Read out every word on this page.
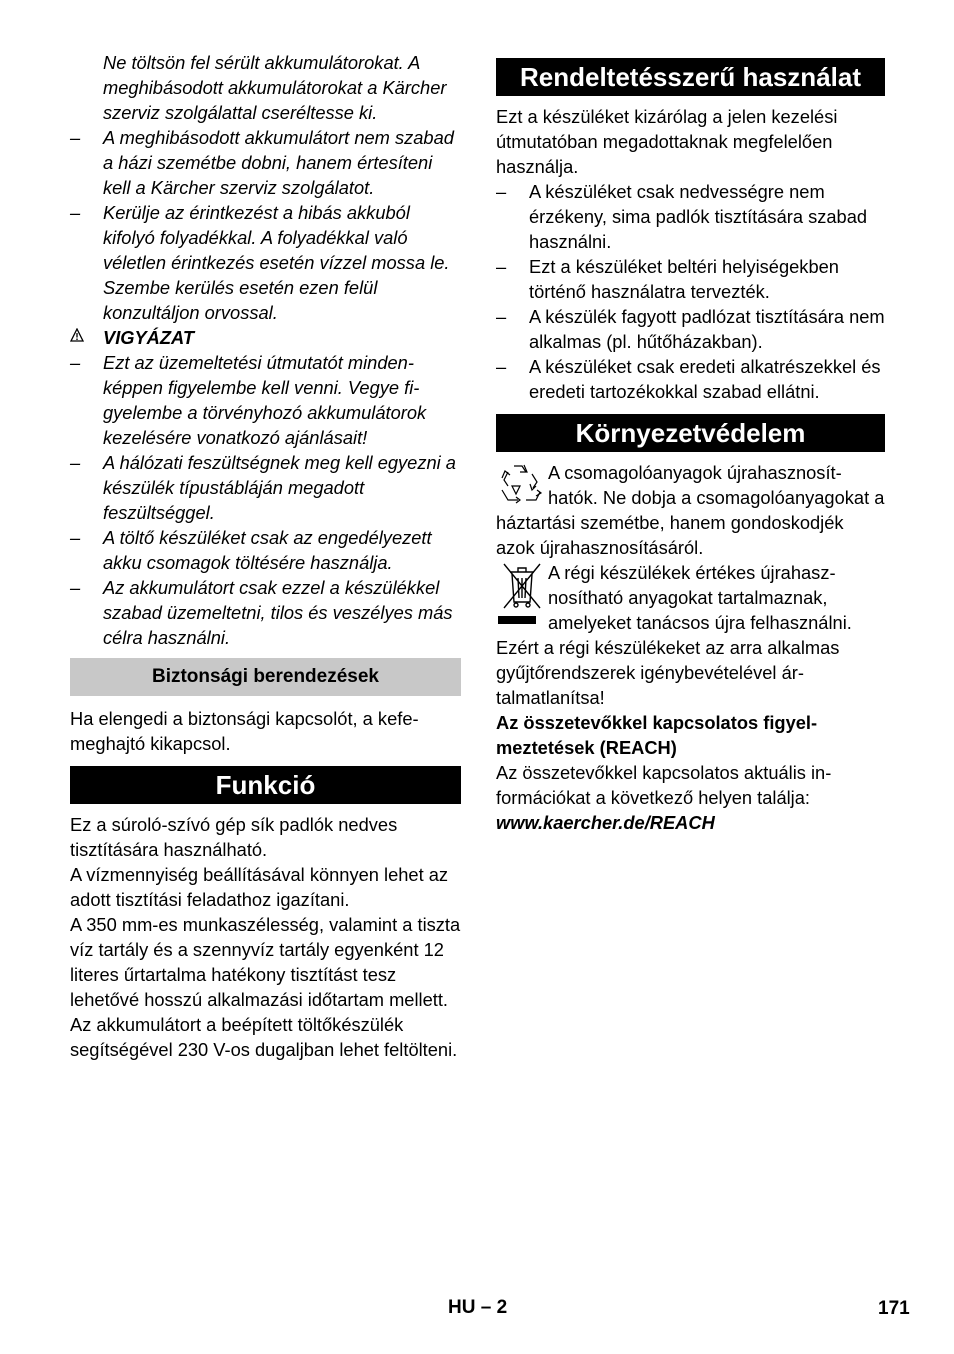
Ne töltsön fel sérült akkumulátorokat. A meghibásodott akkumulátorokat a Kärcher szerviz szolgálattal cseréltesse ki.
– A meghibásodott akkumulátort nem szabad a házi szemétbe dobni, hanem értesíteni kell a Kärcher szerviz szolgálatot.
– Kerülje az érintkezést a hibás akkuból kifolyó folyadékkal. A folyadékkal való véletlen érintkezés esetén vízzel mossa le. Szembe kerülés esetén ezen felül konzultáljon orvossal.
VIGYÁZAT
– Ezt az üzemeltetési útmutatót mindenképpen figyelembe kell venni. Vegye figyelembe a törvényhozó akkumulátorok kezelésére vonatkozó ajánlásait!
– A hálózati feszültségnek meg kell egyezni a készülék típustábláján megadott feszültséggel.
– A töltő készüléket csak az engedélyezett akku csomagok töltésére használja.
– Az akkumulátort csak ezzel a készülékkel szabad üzemeltetni, tilos és veszélyes más célra használni.
Biztonsági berendezések

Ha elengedi a biztonsági kapcsolót, a kefemeghajtó kikapcsol.

Funkció

Ez a súroló-szívó gép sík padlók nedves tisztítására használható.

A vízmennyiség beállításával könnyen lehet az adott tisztítási feladathoz igazítani.

A 350 mm-es munkaszélesség, valamint a tiszta víz tartály és a szennyvíz tartály egyenként 12 literes űrtartalma hatékony tisztítást tesz lehetővé hosszú alkalmazási időtartam mellett.

Az akkumulátort a beépített töltőkészülék segítségével 230 V-os dugaljban lehet feltölteni.

Rendeltetésszerű használat

Ezt a készüléket kizárólag a jelen kezelési útmutatóban megadottaknak megfelelően használja.

– A készüléket csak nedvességre nem érzékeny, sima padlók tisztítására szabad használni.
– Ezt a készüléket beltéri helyiségekben történő használatra tervezték.
– A készülék fagyott padlózat tisztítására nem alkalmas (pl. hűtőházakban).
– A készüléket csak eredeti alkatrészekkel és eredeti tartozékokkal szabad ellátni.
Környezetvédelem
A csomagolóanyagok újrahasznosíthatók. Ne dobja a csomagolóanyagokat a háztartási szemétbe, hanem gondoskodjék azok újrahasznosításáról.
A régi készülékek értékes újrahasznosítható anyagokat tartalmaznak, amelyeket tanácsos újra felhasználni. Ezért a régi készülékeket az arra alkalmas gyűjtőrendszerek igénybevételével ártalmatlanítsa!

Az összetevőkkel kapcsolatos figyelmeztetések (REACH)

Az összetevőkkel kapcsolatos aktuális információkat a következő helyen találja:

www.kaercher.de/REACH

HU – 2	171
